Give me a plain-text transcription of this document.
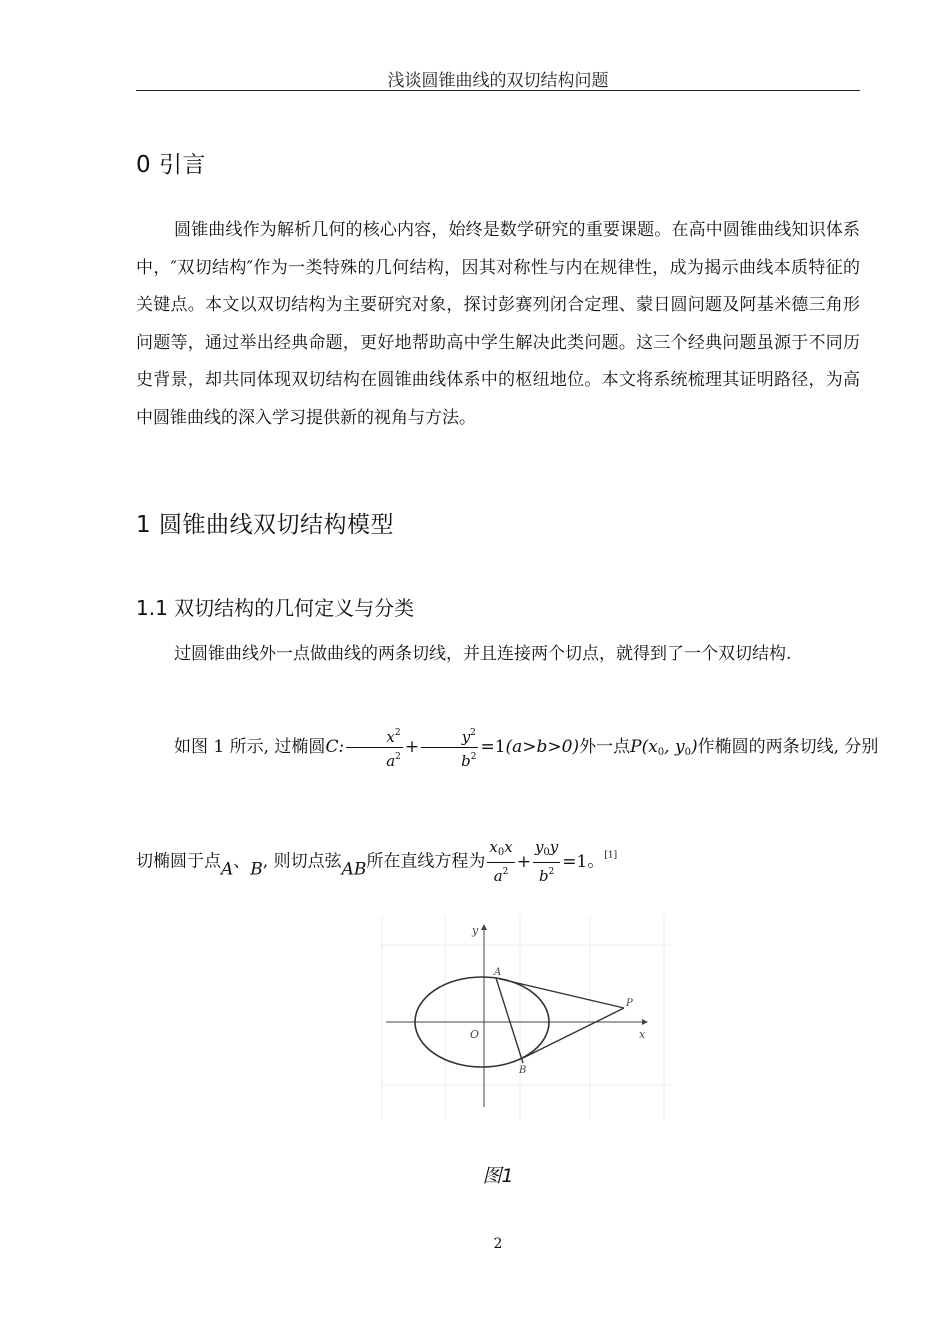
浅谈圆锥曲线的双切结构问题
0 引言

圆锥曲线作为解析几何的核心内容，始终是数学研究的重要课题。在高中圆锥曲线知识体系中，″双切结构″作为一类特殊的几何结构，因其对称性与内在规律性，成为揭示曲线本质特征的关键点。本文以双切结构为主要研究对象，探讨彭赛列闭合定理、蒙日圆问题及阿基米德三角形问题等，通过举出经典命题，更好地帮助高中学生解决此类问题。这三个经典问题虽源于不同历史背景，却共同体现双切结构在圆锥曲线体系中的枢纽地位。本文将系统梳理其证明路径，为高中圆锥曲线的深入学习提供新的视角与方法。

1 圆锥曲线双切结构模型
1.1 双切结构的几何定义与分类

过圆锥曲线外一点做曲线的两条切线，并且连接两个切点，就得到了一个双切结构.

如图 1 所示, 过椭圆C: $\frac{x^2}{a^2} + \frac{y^2}{b^2} =1(a>b>0)$外一点$P(x_0$, $y_0$)作椭圆的两条切线, 分别
切椭圆于点A、B, 则切点弦AB所在直线方程为 $\frac{x_0x}{a^2} + \frac{y_0y}{b^2} =1$。[1]
y
x
O
A
B
P
图1
2
